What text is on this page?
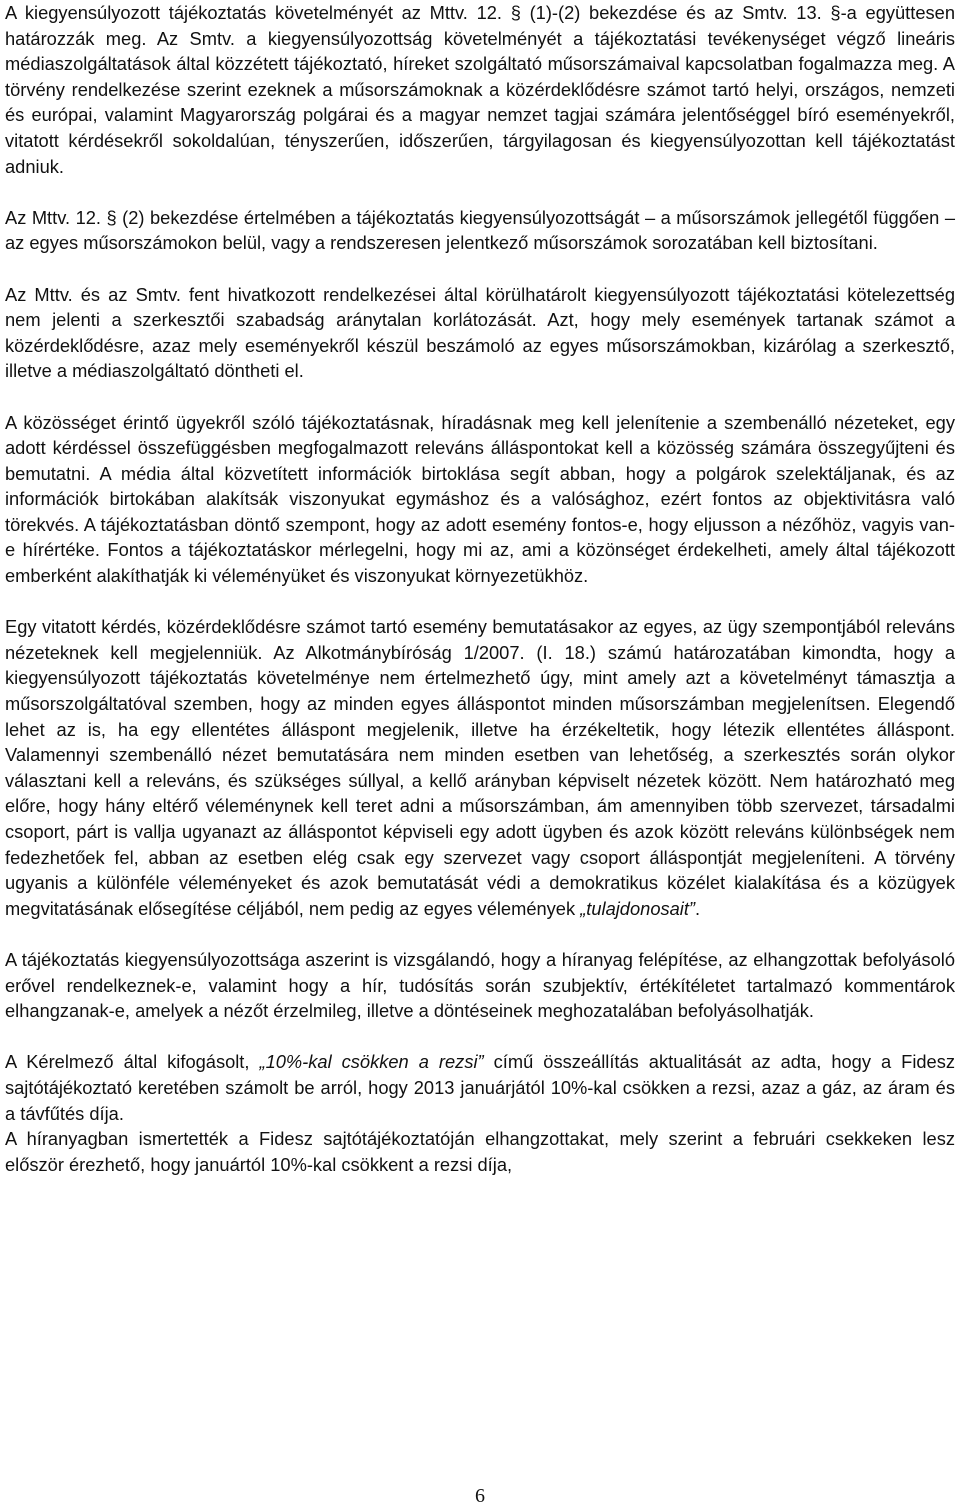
A kiegyensúlyozott tájékoztatás követelményét az Mttv. 12. § (1)-(2) bekezdése és az Smtv. 13. §-a együttesen határozzák meg. Az Smtv. a kiegyensúlyozottság követelményét a tájékoztatási tevékenységet végző lineáris médiaszolgáltatások által közzétett tájékoztató, híreket szolgáltató műsorszámaival kapcsolatban fogalmazza meg. A törvény rendelkezése szerint ezeknek a műsorszámoknak a közérdeklődésre számot tartó helyi, országos, nemzeti és európai, valamint Magyarország polgárai és a magyar nemzet tagjai számára jelentőséggel bíró eseményekről, vitatott kérdésekről sokoldalúan, tényszerűen, időszerűen, tárgyilagosan és kiegyensúlyozottan kell tájékoztatást adniuk.

Az Mttv. 12. § (2) bekezdése értelmében a tájékoztatás kiegyensúlyozottságát – a műsorszámok jellegétől függően – az egyes műsorszámokon belül, vagy a rendszeresen jelentkező műsorszámok sorozatában kell biztosítani.

Az Mttv. és az Smtv. fent hivatkozott rendelkezései által körülhatárolt kiegyensúlyozott tájékoztatási kötelezettség nem jelenti a szerkesztői szabadság aránytalan korlátozását. Azt, hogy mely események tartanak számot a közérdeklődésre, azaz mely eseményekről készül beszámoló az egyes műsorszámokban, kizárólag a szerkesztő, illetve a médiaszolgáltató döntheti el.

A közösséget érintő ügyekről szóló tájékoztatásnak, híradásnak meg kell jelenítenie a szembenálló nézeteket, egy adott kérdéssel összefüggésben megfogalmazott releváns álláspontokat kell a közösség számára összegyűjteni és bemutatni. A média által közvetített információk birtoklása segít abban, hogy a polgárok szelektáljanak, és az információk birtokában alakítsák viszonyukat egymáshoz és a valósághoz, ezért fontos az objektivitásra való törekvés. A tájékoztatásban döntő szempont, hogy az adott esemény fontos-e, hogy eljusson a nézőhöz, vagyis van-e hírértéke. Fontos a tájékoztatáskor mérlegelni, hogy mi az, ami a közönséget érdekelheti, amely által tájékozott emberként alakíthatják ki véleményüket és viszonyukat környezetükhöz.

Egy vitatott kérdés, közérdeklődésre számot tartó esemény bemutatásakor az egyes, az ügy szempontjából releváns nézeteknek kell megjelenniük. Az Alkotmánybíróság 1/2007. (I. 18.) számú határozatában kimondta, hogy a kiegyensúlyozott tájékoztatás követelménye nem értelmezhető úgy, mint amely azt a követelményt támasztja a műsorszolgáltatóval szemben, hogy az minden egyes álláspontot minden műsorszámban megjelenítsen. Elegendő lehet az is, ha egy ellentétes álláspont megjelenik, illetve ha érzékeltetik, hogy létezik ellentétes álláspont. Valamennyi szembenálló nézet bemutatására nem minden esetben van lehetőség, a szerkesztés során olykor választani kell a releváns, és szükséges súllyal, a kellő arányban képviselt nézetek között. Nem határozható meg előre, hogy hány eltérő véleménynek kell teret adni a műsorszámban, ám amennyiben több szervezet, társadalmi csoport, párt is vallja ugyanazt az álláspontot képviseli egy adott ügyben és azok között releváns különbségek nem fedezhetőek fel, abban az esetben elég csak egy szervezet vagy csoport álláspontját megjeleníteni. A törvény ugyanis a különféle véleményeket és azok bemutatását védi a demokratikus közélet kialakítása és a közügyek megvitatásának elősegítése céljából, nem pedig az egyes vélemények „tulajdonosait”.

A tájékoztatás kiegyensúlyozottsága aszerint is vizsgálandó, hogy a híranyag felépítése, az elhangzottak befolyásoló erővel rendelkeznek-e, valamint hogy a hír, tudósítás során szubjektív, értékítéletet tartalmazó kommentárok elhangzanak-e, amelyek a nézőt érzelmileg, illetve a döntéseinek meghozatalában befolyásolhatják.

A Kérelmező által kifogásolt, „10%-kal csökken a rezsi” című összeállítás aktualitását az adta, hogy a Fidesz sajtótájékoztató keretében számolt be arról, hogy 2013 januárjától 10%-kal csökken a rezsi, azaz a gáz, az áram és a távfűtés díja.

A híranyagban ismertették a Fidesz sajtótájékoztatóján elhangzottakat, mely szerint a februári csekkeken lesz először érezhető, hogy januártól 10%-kal csökkent a rezsi díja,

6
